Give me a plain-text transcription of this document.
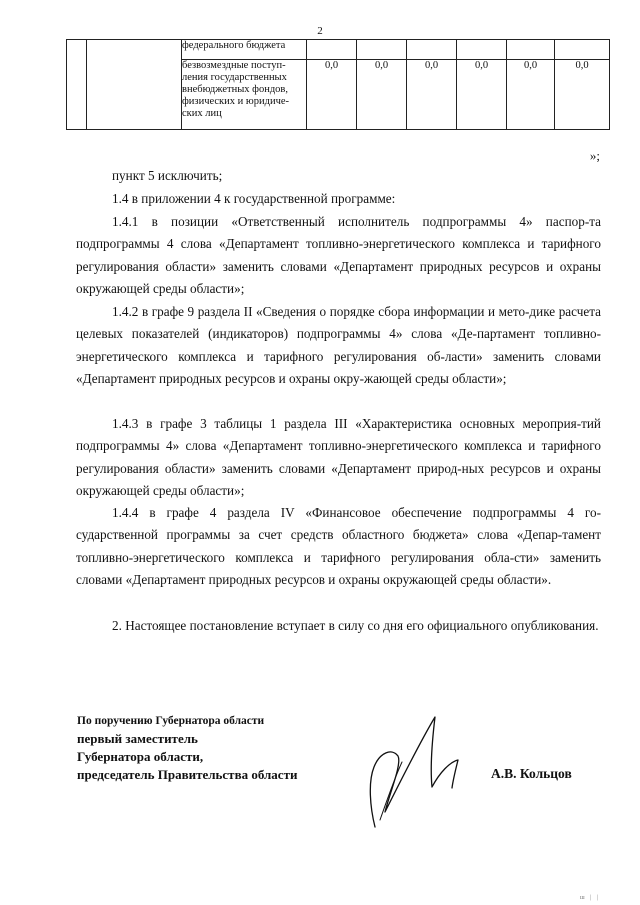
2
		федерального бюджета						
		безвозмездные поступ- ления государственных внебюджетных фондов, физических и юридиче- ских лиц	0,0	0,0	0,0	0,0	0,0	0,0
»;
пункт 5 исключить;
1.4 в приложении 4 к государственной программе:
1.4.1 в позиции «Ответственный исполнитель подпрограммы 4» паспор-та подпрограммы 4 слова «Департамент топливно-энергетического комплекса и тарифного регулирования области» заменить словами «Департамент природных ресурсов и охраны окружающей среды области»;
1.4.2 в графе 9 раздела II «Сведения о порядке сбора информации и мето-дике расчета целевых показателей (индикаторов) подпрограммы 4» слова «Де-партамент топливно-энергетического комплекса и тарифного регулирования об-ласти» заменить словами «Департамент природных ресурсов и охраны окру-жающей среды области»;
1.4.3 в графе 3 таблицы 1 раздела III «Характеристика основных мероприя-тий подпрограммы 4» слова «Департамент топливно-энергетического комплекса и тарифного регулирования области» заменить словами «Департамент природ-ных ресурсов и охраны окружающей среды области»;
1.4.4 в графе 4 раздела IV «Финансовое обеспечение подпрограммы 4 го-сударственной программы за счет средств областного бюджета» слова «Депар-тамент топливно-энергетического комплекса и тарифного регулирования обла-сти» заменить словами «Департамент природных ресурсов и охраны окружающей среды области».
2. Настоящее постановление вступает в силу со дня его официального опубликования.
По поручению Губернатора области
первый заместитель
Губернатора области,
председатель Правительства области	А.В. Кольцов
ш | |
